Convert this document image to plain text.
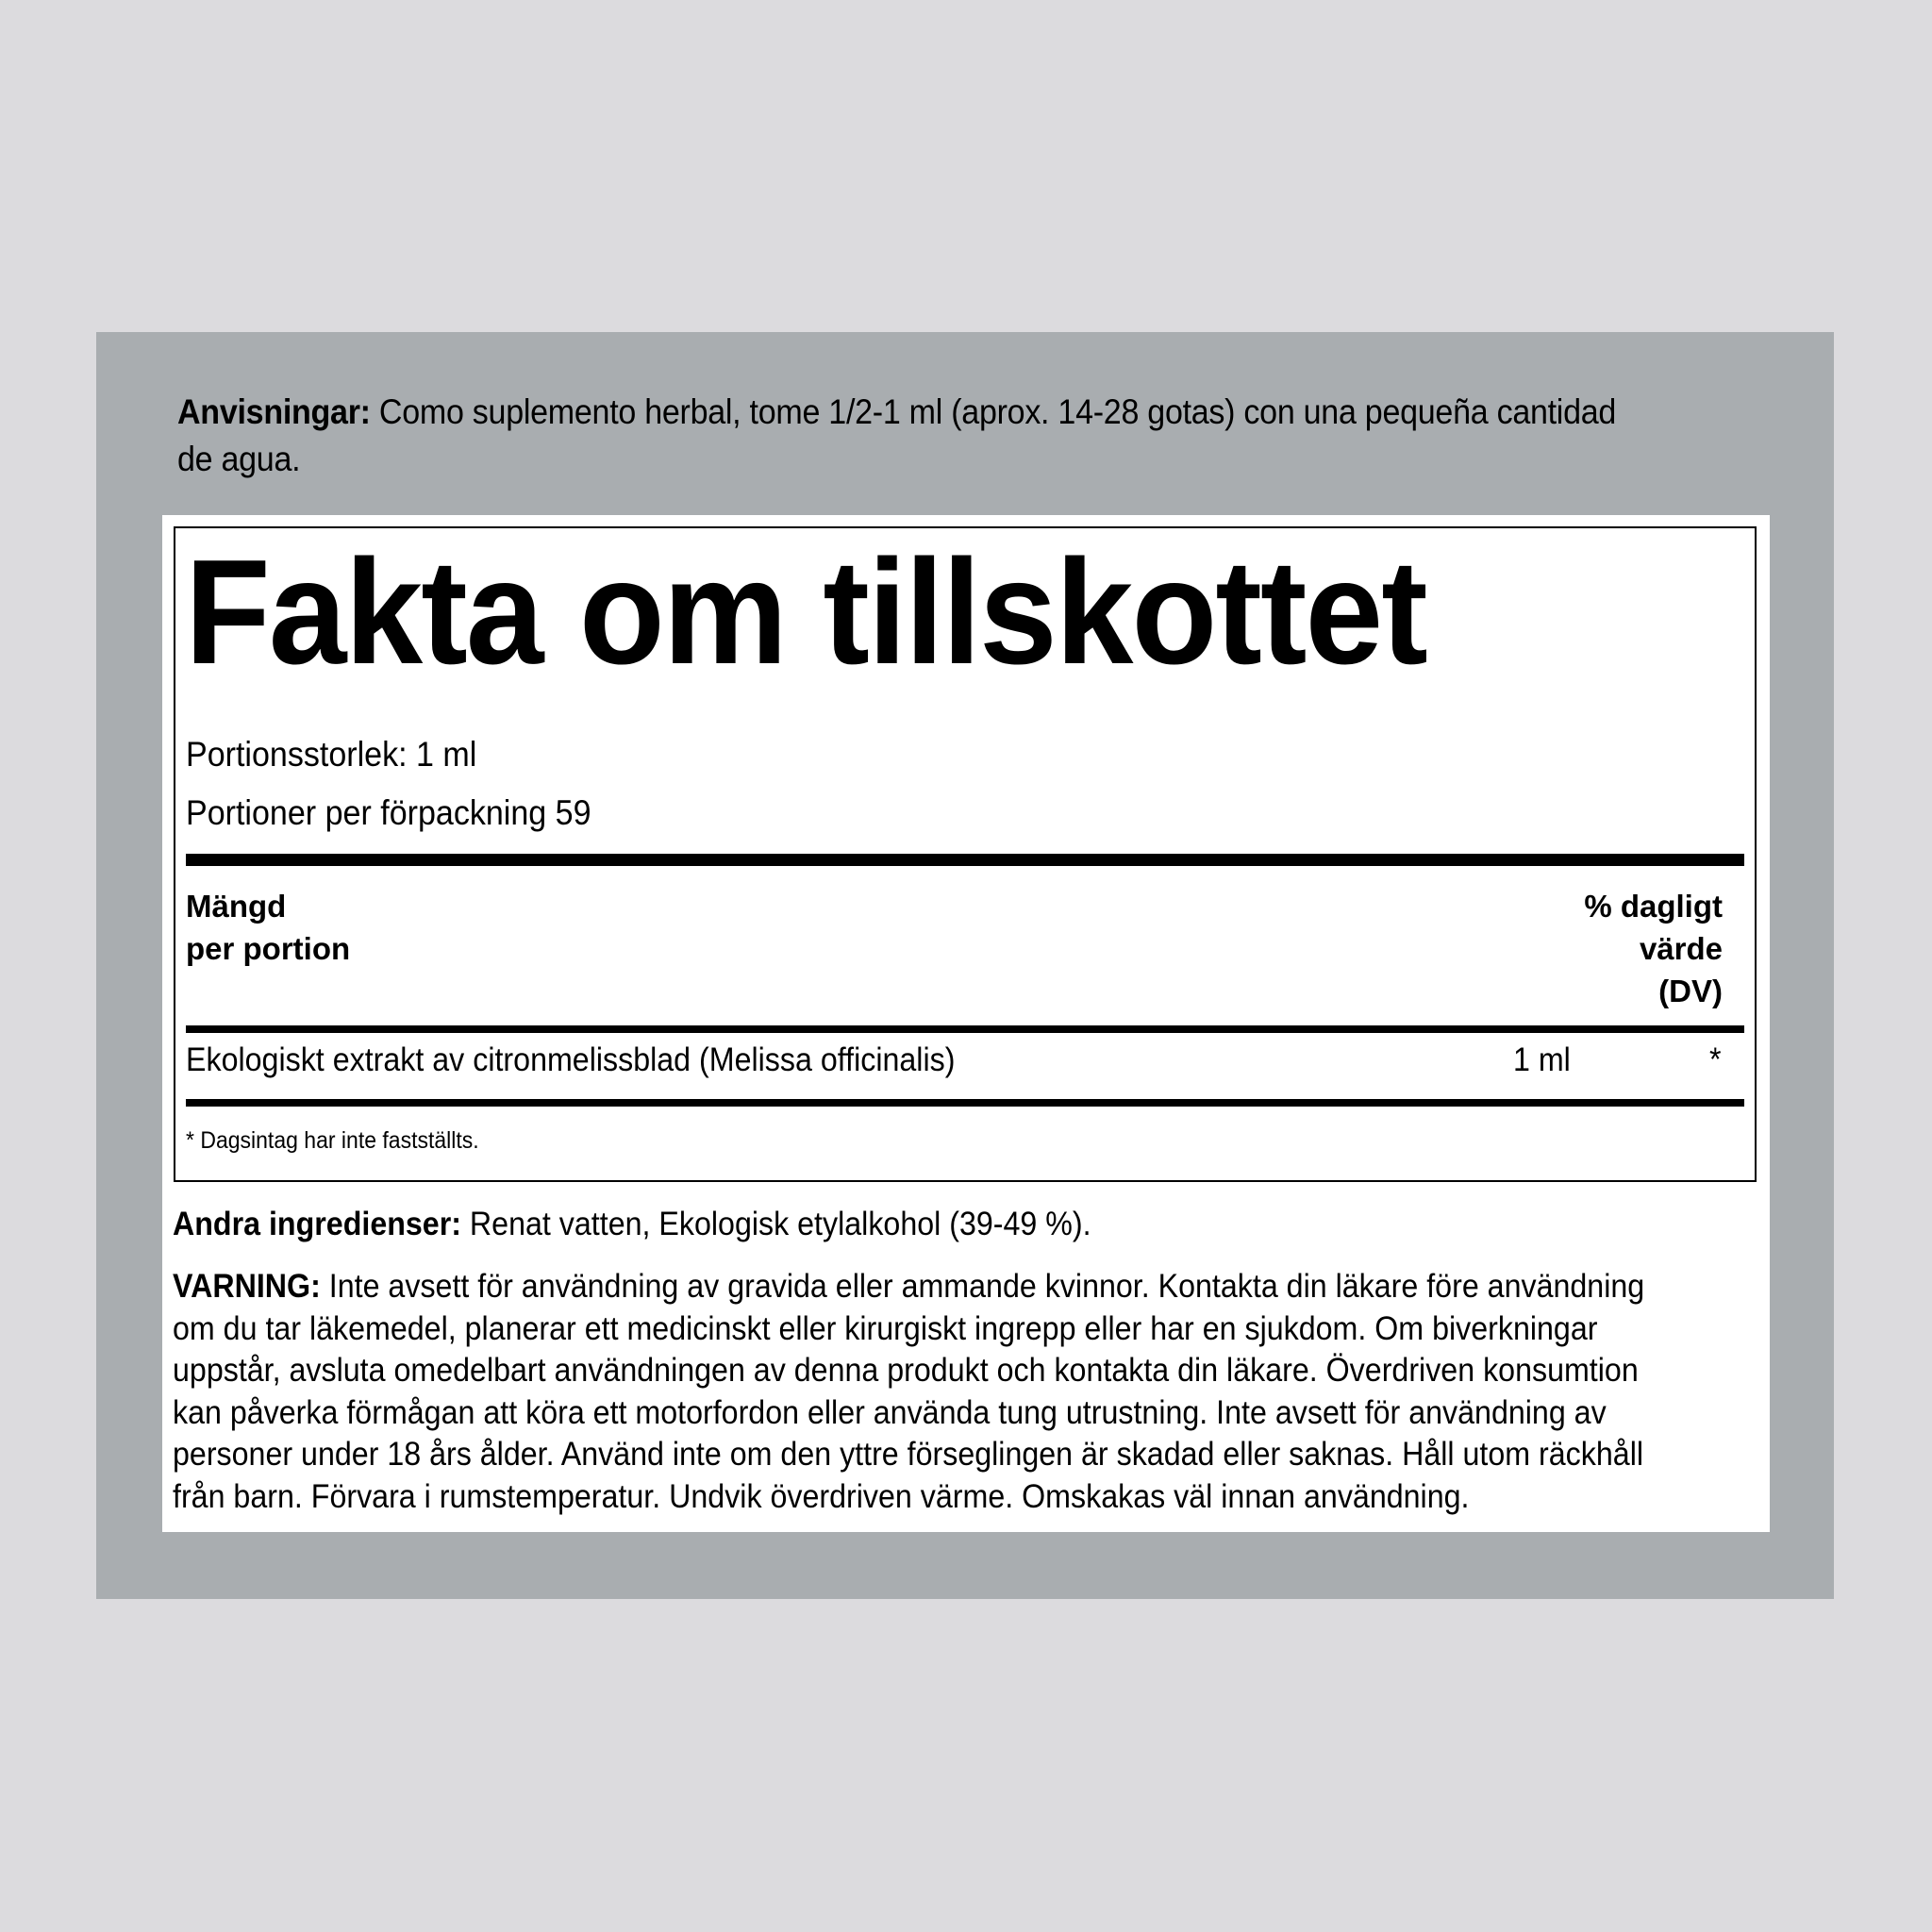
Anvisningar: Como suplemento herbal, tome 1/2-1 ml (aprox. 14-28 gotas) con una pequeña cantidad de agua.
Fakta om tillskottet
Portionsstorlek: 1 ml
Portioner per förpackning 59
Mängd
per portion
% dagligt
värde
(DV)
Ekologiskt extrakt av citronmelissblad (Melissa officinalis)	1 ml	*
* Dagsintag har inte fastställts.
Andra ingredienser: Renat vatten, Ekologisk etylalkohol (39-49 %).
VARNING: Inte avsett för användning av gravida eller ammande kvinnor. Kontakta din läkare före användning om du tar läkemedel, planerar ett medicinskt eller kirurgiskt ingrepp eller har en sjukdom. Om biverkningar uppstår, avsluta omedelbart användningen av denna produkt och kontakta din läkare. Överdriven konsumtion kan påverka förmågan att köra ett motorfordon eller använda tung utrustning. Inte avsett för användning av personer under 18 års ålder. Använd inte om den yttre förseglingen är skadad eller saknas. Håll utom räckhåll från barn. Förvara i rumstemperatur. Undvik överdriven värme. Omskakas väl innan användning.
